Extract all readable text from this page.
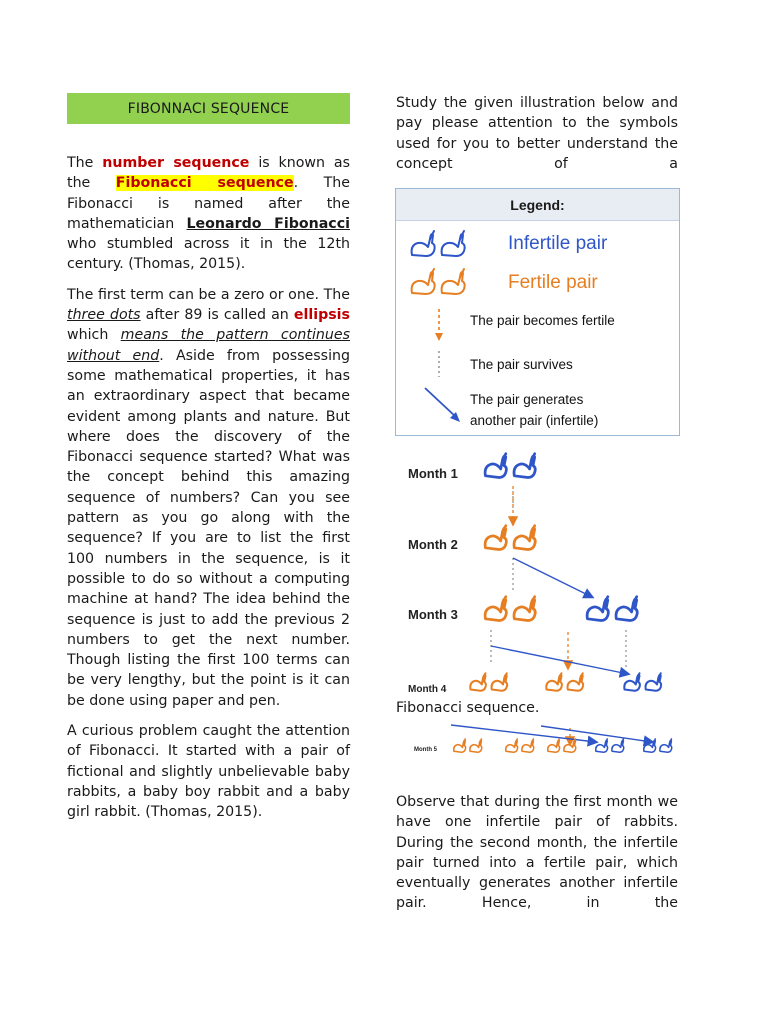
FIBONNACI SEQUENCE

The number sequence is known as the Fibonacci sequence. The Fibonacci is named after the mathematician Leonardo Fibonacci who stumbled across it in the 12th century. (Thomas, 2015).

The first term can be a zero or one. The three dots after 89 is called an ellipsis which means the pattern continues without end. Aside from possessing some mathematical properties, it has an extraordinary aspect that became evident among plants and nature. But where does the discovery of the Fibonacci sequence started? What was the concept behind this amazing sequence of numbers? Can you see pattern as you go along with the sequence? If you are to list the first 100 numbers in the sequence, is it possible to do so without a computing machine at hand? The idea behind the sequence is just to add the previous 2 numbers to get the next number. Though listing the first 100 terms can be very lengthy, but the point is it can be done using paper and pen.

A curious problem caught the attention of Fibonacci. It started with a pair of fictional and slightly unbelievable baby rabbits, a baby boy rabbit and a baby girl rabbit. (Thomas, 2015).

Study the given illustration below and pay please attention to the symbols used for you to better understand the concept of a

Legend:
Infertile pair
Fertile pair
The pair becomes fertile
The pair survives
The pair generates
another pair (infertile)
Month 1
Month 2
Month 3
Month 4
Month 5
Fibonacci sequence.

Observe that during the first month we have one infertile pair of rabbits. During the second month, the infertile pair turned into a fertile pair, which eventually generates another infertile pair. Hence, in the
